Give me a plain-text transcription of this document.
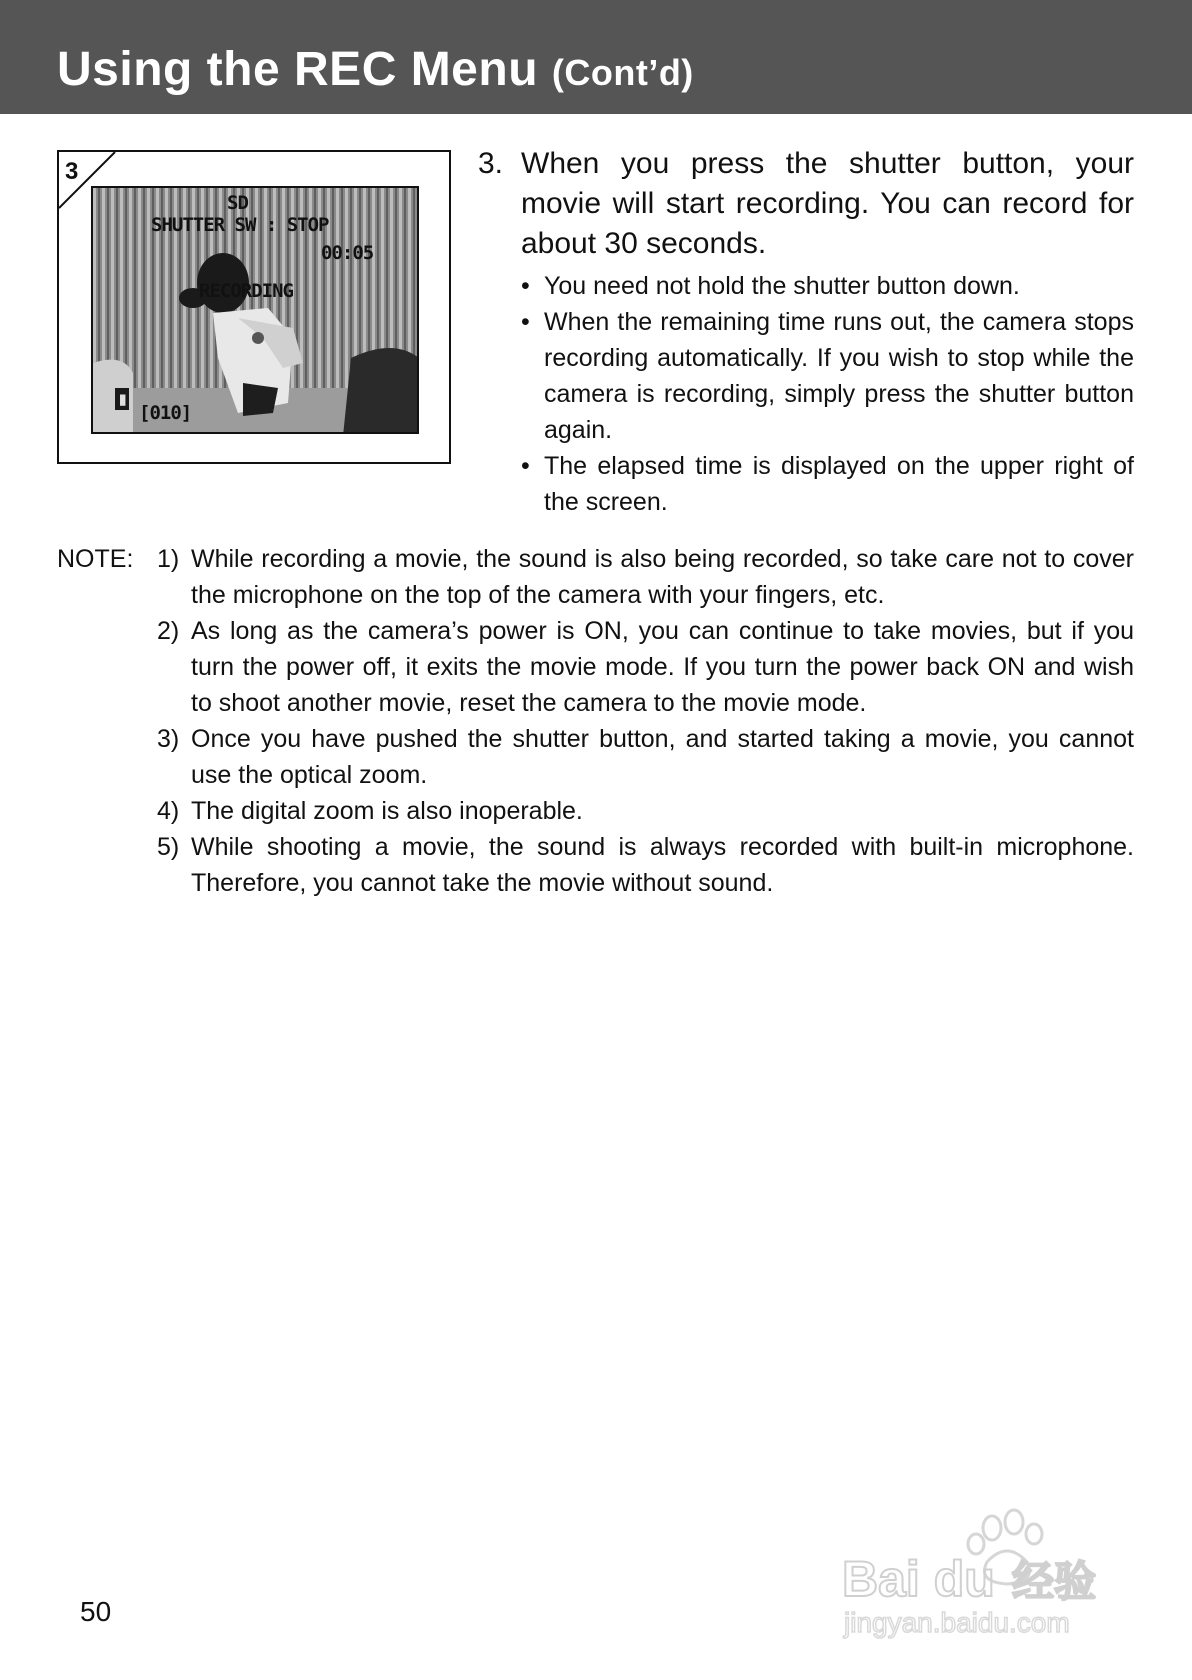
Using the REC Menu (Cont’d)
3
SD
SHUTTER SW : STOP
00:05
RECORDING
▮
[010]
3. When you press the shutter button, your movie will start recording. You can record for about 30 seconds.
• You need not hold the shutter button down.
• When the remaining time runs out, the camera stops recording automatically. If you wish to stop while the camera is recording, simply press the shutter button again.
• The elapsed time is displayed on the upper right of the screen.
NOTE: 1) While recording a movie, the sound is also being recorded, so take care not to cover the microphone on the top of the camera with your fingers, etc.
2) As long as the camera’s power is ON, you can continue to take movies, but if you turn the power off, it exits the movie mode. If you turn the power back ON and wish to shoot another movie, reset the camera to the movie mode.
3) Once you have pushed the shutter button, and started taking a movie, you cannot use the optical zoom.
4) The digital zoom is also inoperable.
5) While shooting a movie, the sound is always recorded with built-in microphone. Therefore, you cannot take the movie without sound.
50
Bai du 经验
jingyan.baidu.com
